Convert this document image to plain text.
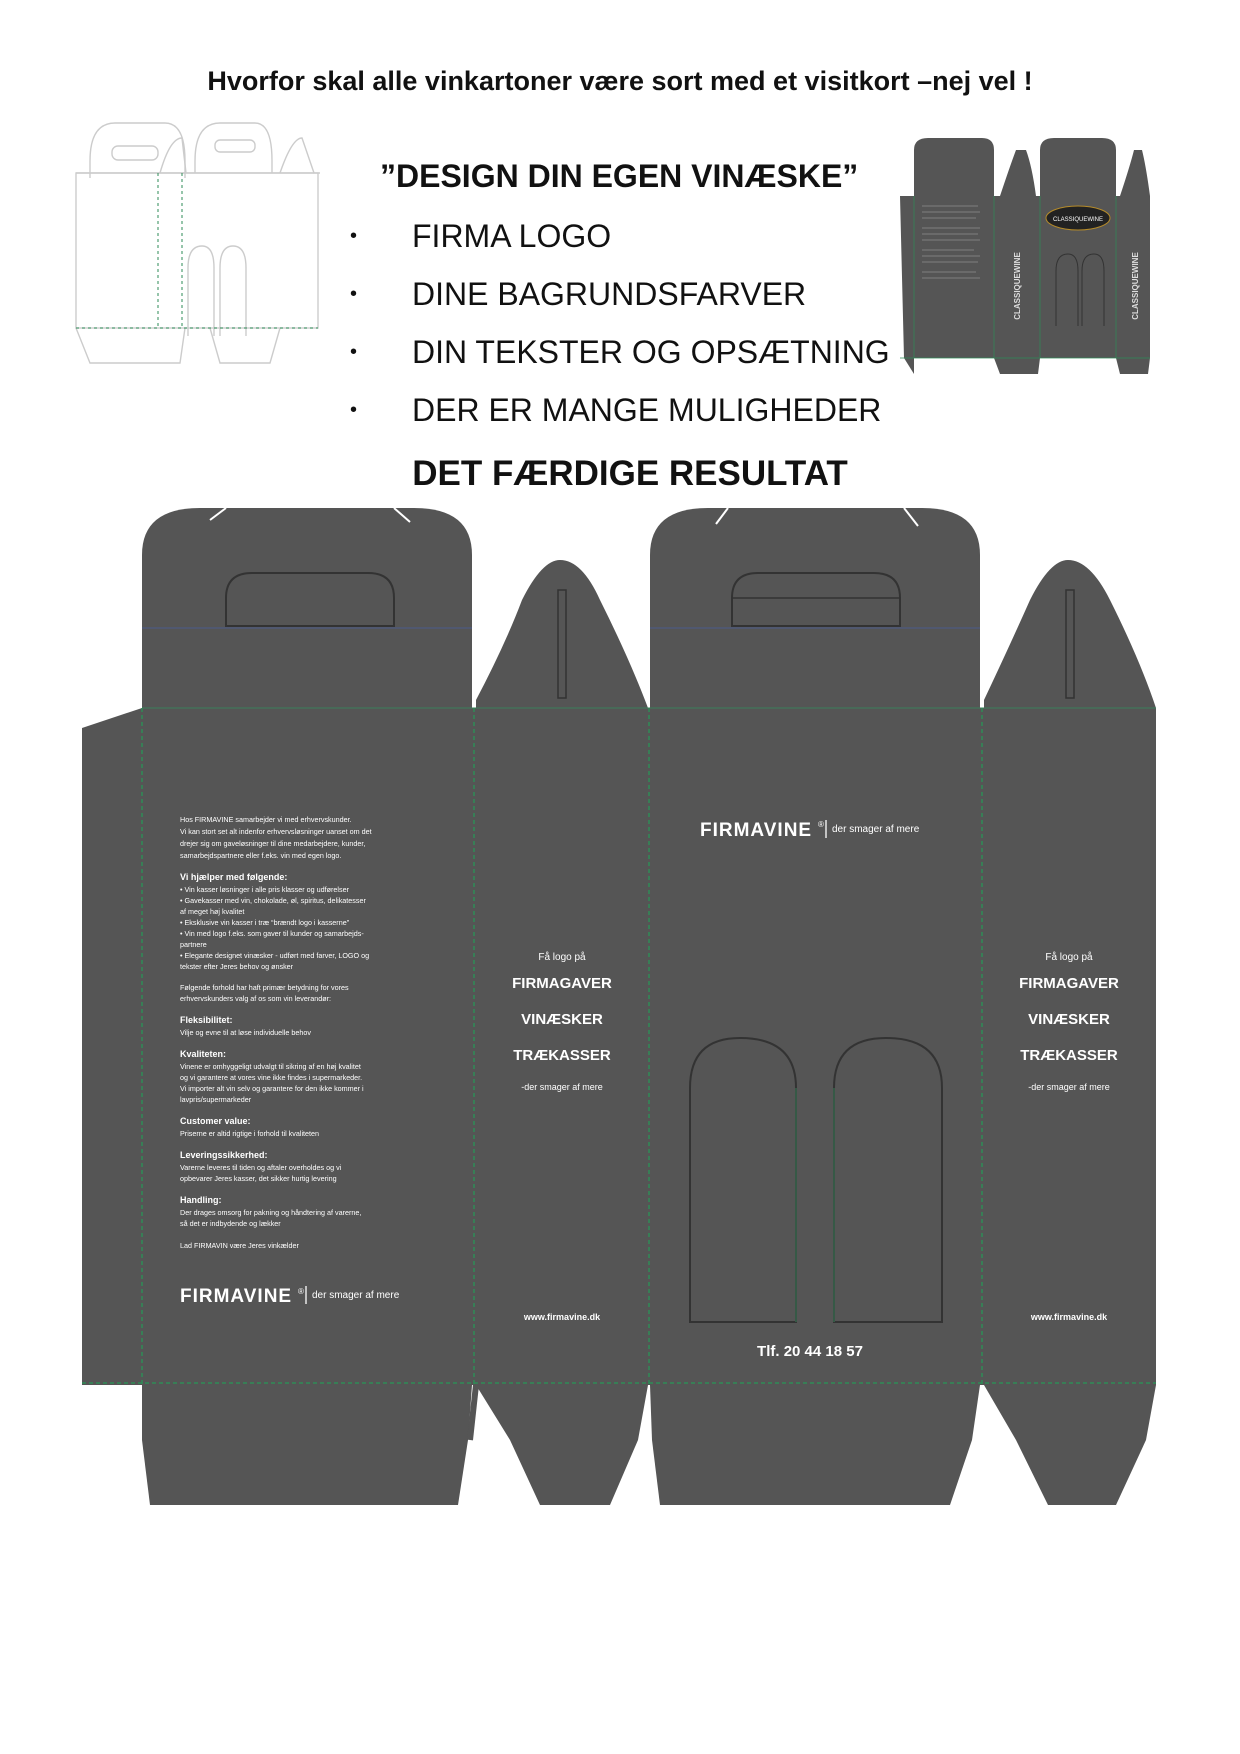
Hvorfor skal alle vinkartoner være sort med et visitkort –nej vel !
CLASSIQUEWINE
CLASSIQUEWINE	CLASSIQUEWINE
”DESIGN DIN EGEN VINÆSKE”
• FIRMA LOGO
• DINE BAGRUNDSFARVER
• DIN TEKSTER OG OPSÆTNING
• DER ER MANGE MULIGHEDER
DET FÆRDIGE RESULTAT
Hos FIRMAVINE samarbejder vi med erhvervskunder.
Vi kan stort set alt indenfor erhvervsløsninger uanset om det
drejer sig om gaveløsninger til dine medarbejdere, kunder,
samarbejdspartnere eller f.eks. vin med egen logo.
Vi hjælper med følgende:
• Vin kasser løsninger i alle pris klasser og udførelser
• Gavekasser med vin, chokolade, øl, spiritus, delikatesser
af meget høj kvalitet
• Eksklusive vin kasser i træ “brændt logo i kasserne”
• Vin med logo f.eks. som gaver til kunder og samarbejds-
partnere
• Elegante designet vinæsker - udført med farver, LOGO og
tekster efter Jeres behov og ønsker
Følgende forhold har haft primær betydning for vores
erhvervskunders valg af os som vin leverandør:
Fleksibilitet:
Vilje og evne til at løse individuelle behov
Kvaliteten:
Vinene er omhyggeligt udvalgt til sikring af en høj kvalitet
og vi garantere at vores vine ikke findes i supermarkeder.
Vi importer alt vin selv og garantere for den ikke kommer i
lavpris/supermarkeder
Customer value:
Priserne er altid rigtige i forhold til kvaliteten
Leveringssikkerhed:
Varerne leveres til tiden og aftaler overholdes og vi
opbevarer Jeres kasser, det sikker hurtig levering
Handling:
Der drages omsorg for pakning og håndtering af varerne,
så det er indbydende og lækker
Lad FIRMAVIN være Jeres vinkælder
FIRMAVINE ® der smager af mere
Få logo på
FIRMAGAVER
VINÆSKER
TRÆKASSER
-der smager af mere
www.firmavine.dk
Få logo på
FIRMAGAVER
VINÆSKER
TRÆKASSER
-der smager af mere
www.firmavine.dk
FIRMAVINE ® der smager af mere
Tlf. 20 44 18 57
